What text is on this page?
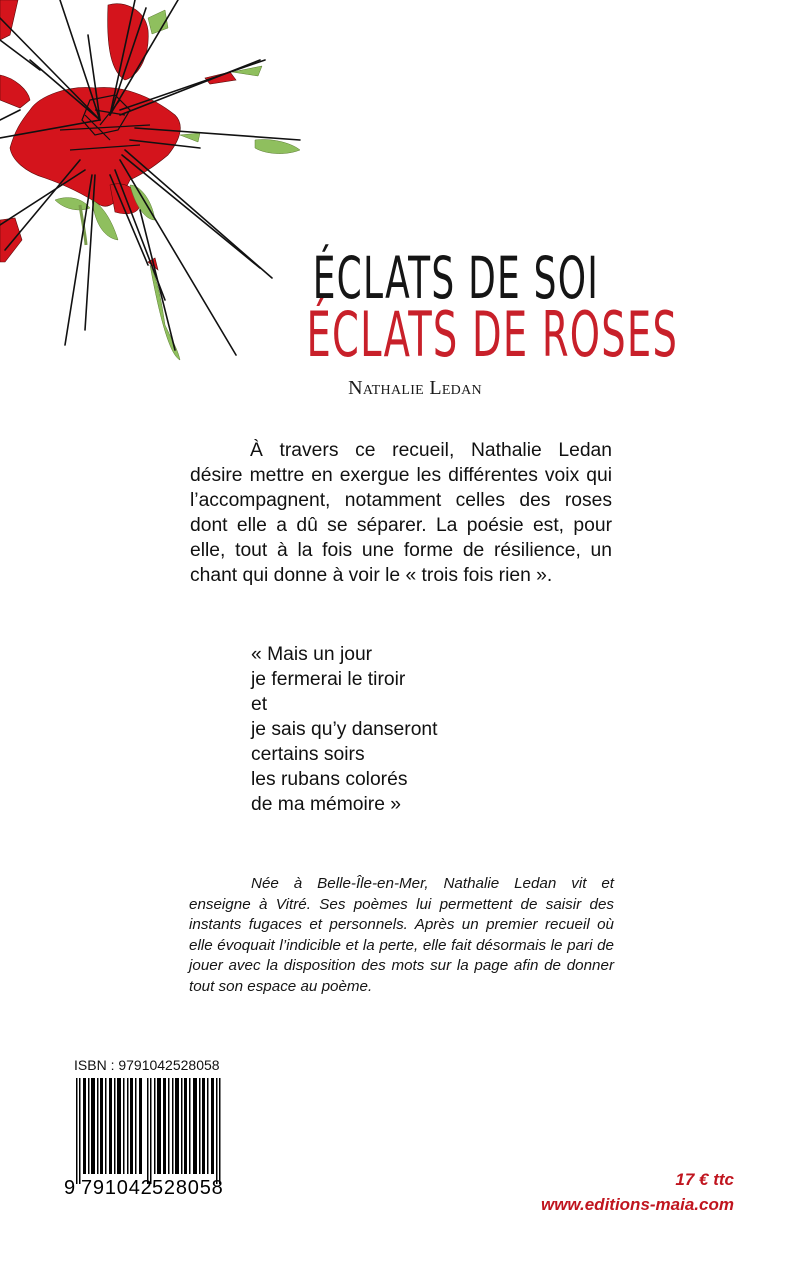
ÉCLATS DE SOI
ÉCLATS DE ROSES
Nathalie Ledan
À travers ce recueil, Nathalie Ledan désire mettre en exergue les différentes voix qui l’accompagnent, notamment celles des roses dont elle a dû se séparer. La poésie est, pour elle, tout à la fois une forme de résilience, un chant qui donne à voir le « trois fois rien ».
« Mais un jour
je fermerai le tiroir
et
je sais qu’y danseront
certains soirs
les rubans colorés
de ma mémoire »
Née à Belle-Île-en-Mer, Nathalie Ledan vit et enseigne à Vitré. Ses poèmes lui permettent de saisir des instants fugaces et personnels. Après un premier recueil où elle évoquait l’indicible et la perte, elle fait désormais le pari de jouer avec la disposition des mots sur la page afin de donner tout son espace au poème.
ISBN : 9791042528058
9 791042 528058	17 € ttc
www.editions-maia.com
